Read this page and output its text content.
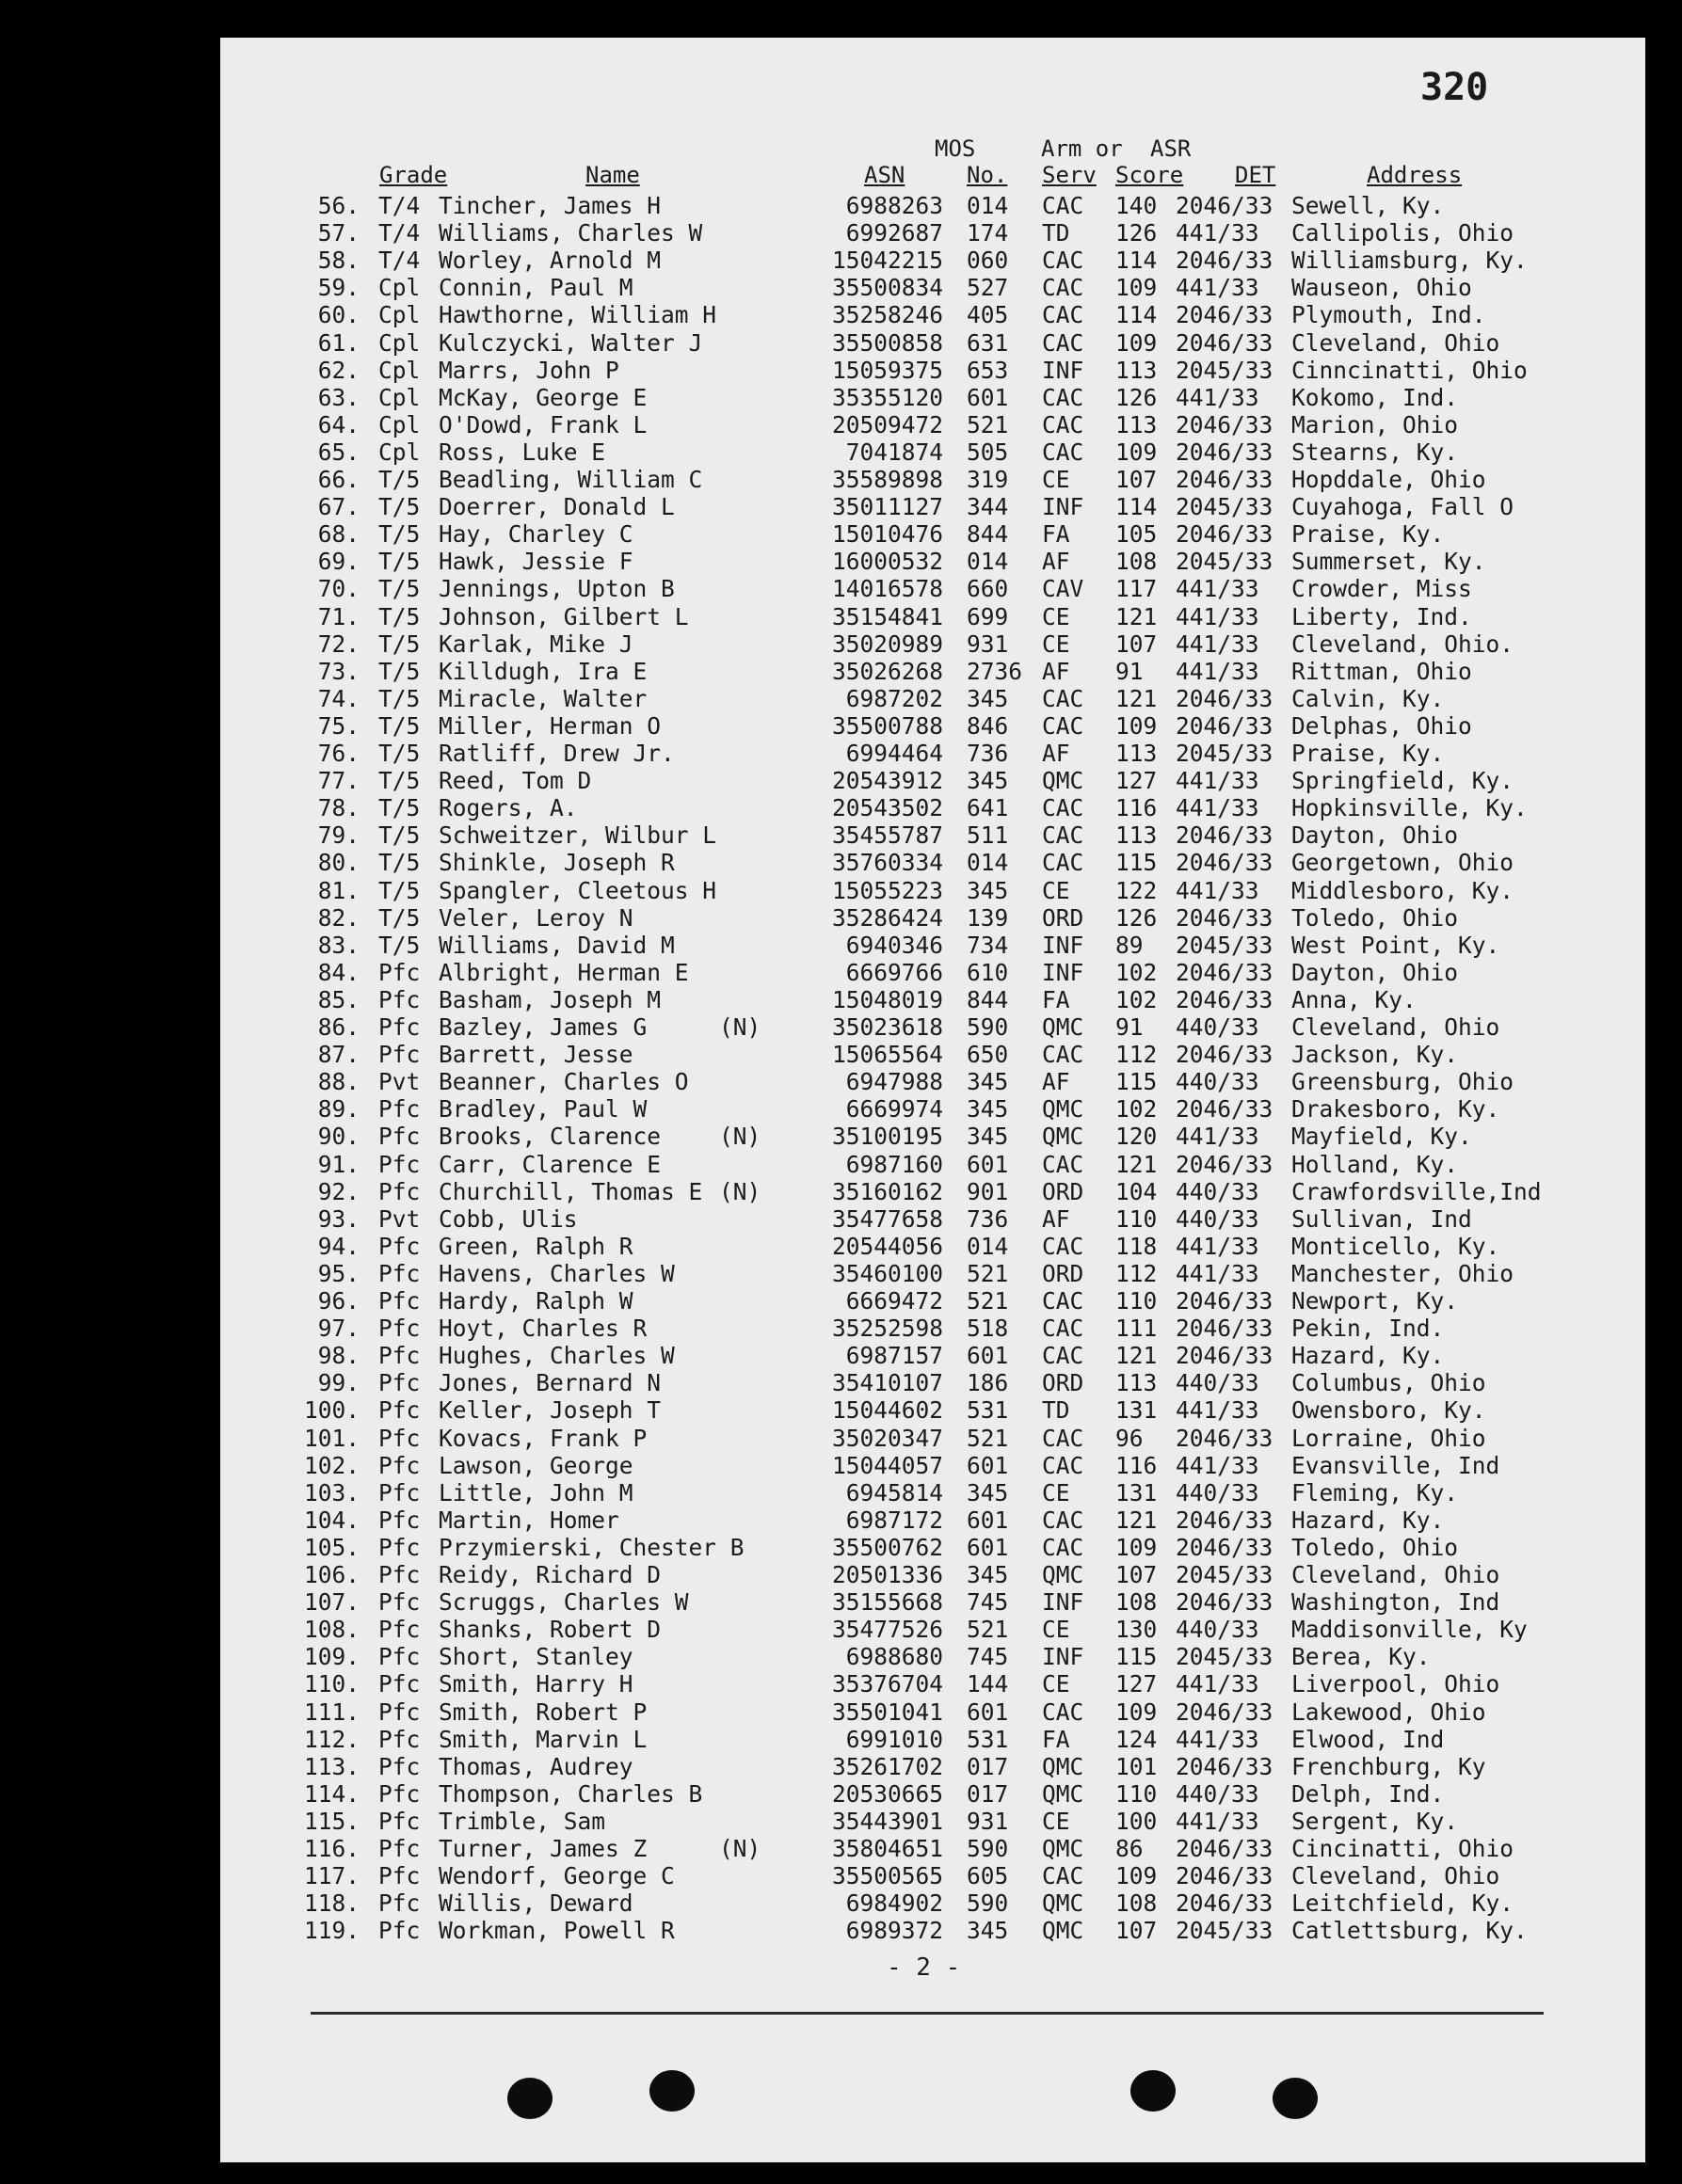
320
MOS	Arm or ASR
Grade	Name	ASN	No. Serv Score DET	Address
56. T/4 Tincher, James H	6988263 014 CAC 140 2046/33 Sewell, Ky.
57. T/4 Williams, Charles W	6992687 174 TD 126 441/33 Callipolis, Ohio
58. T/4 Worley, Arnold M	15042215 060 CAC 114 2046/33 Williamsburg, Ky.
59. Cpl Connin, Paul M	35500834 527 CAC 109 441/33 Wauseon, Ohio
60. Cpl Hawthorne, William H	35258246 405 CAC 114 2046/33 Plymouth, Ind.
61. Cpl Kulczycki, Walter J	35500858 631 CAC 109 2046/33 Cleveland, Ohio
62. Cpl Marrs, John P	15059375 653 INF 113 2045/33 Cinncinatti, Ohio
63. Cpl McKay, George E	35355120 601 CAC 126 441/33 Kokomo, Ind.
64. Cpl O'Dowd, Frank L	20509472 521 CAC 113 2046/33 Marion, Ohio
65. Cpl Ross, Luke E	7041874 505 CAC 109 2046/33 Stearns, Ky.
66. T/5 Beadling, William C	35589898 319 CE 107 2046/33 Hopddale, Ohio
67. T/5 Doerrer, Donald L	35011127 344 INF 114 2045/33 Cuyahoga, Fall O
68. T/5 Hay, Charley C	15010476 844 FA 105 2046/33 Praise, Ky.
69. T/5 Hawk, Jessie F	16000532 014 AF 108 2045/33 Summerset, Ky.
70. T/5 Jennings, Upton B	14016578 660 CAV 117 441/33 Crowder, Miss
71. T/5 Johnson, Gilbert L	35154841 699 CE 121 441/33 Liberty, Ind.
72. T/5 Karlak, Mike J	35020989 931 CE 107 441/33 Cleveland, Ohio.
73. T/5 Killdugh, Ira E	35026268 2736 AF 91 441/33 Rittman, Ohio
74. T/5 Miracle, Walter	6987202 345 CAC 121 2046/33 Calvin, Ky.
75. T/5 Miller, Herman O	35500788 846 CAC 109 2046/33 Delphas, Ohio
76. T/5 Ratliff, Drew Jr.	6994464 736 AF 113 2045/33 Praise, Ky.
77. T/5 Reed, Tom D	20543912 345 QMC 127 441/33 Springfield, Ky.
78. T/5 Rogers, A.	20543502 641 CAC 116 441/33 Hopkinsville, Ky.
79. T/5 Schweitzer, Wilbur L	35455787 511 CAC 113 2046/33 Dayton, Ohio
80. T/5 Shinkle, Joseph R	35760334 014 CAC 115 2046/33 Georgetown, Ohio
81. T/5 Spangler, Cleetous H	15055223 345 CE 122 441/33 Middlesboro, Ky.
82. T/5 Veler, Leroy N	35286424 139 ORD 126 2046/33 Toledo, Ohio
83. T/5 Williams, David M	6940346 734 INF 89 2045/33 West Point, Ky.
84. Pfc Albright, Herman E	6669766 610 INF 102 2046/33 Dayton, Ohio
85. Pfc Basham, Joseph M	15048019 844 FA 102 2046/33 Anna, Ky.
86. Pfc Bazley, James G	(N)	35023618 590 QMC 91 440/33 Cleveland, Ohio
87. Pfc Barrett, Jesse	15065564 650 CAC 112 2046/33 Jackson, Ky.
88. Pvt Beanner, Charles O	6947988 345 AF 115 440/33 Greensburg, Ohio
89. Pfc Bradley, Paul W	6669974 345 QMC 102 2046/33 Drakesboro, Ky.
90. Pfc Brooks, Clarence	(N)	35100195 345 QMC 120 441/33 Mayfield, Ky.
91. Pfc Carr, Clarence E	6987160 601 CAC 121 2046/33 Holland, Ky.
92. Pfc Churchill, Thomas E (N)	35160162 901 ORD 104 440/33 Crawfordsville,Ind
93. Pvt Cobb, Ulis	35477658 736 AF 110 440/33 Sullivan, Ind
94. Pfc Green, Ralph R	20544056 014 CAC 118 441/33 Monticello, Ky.
95. Pfc Havens, Charles W	35460100 521 ORD 112 441/33 Manchester, Ohio
96. Pfc Hardy, Ralph W	6669472 521 CAC 110 2046/33 Newport, Ky.
97. Pfc Hoyt, Charles R	35252598 518 CAC 111 2046/33 Pekin, Ind.
98. Pfc Hughes, Charles W	6987157 601 CAC 121 2046/33 Hazard, Ky.
99. Pfc Jones, Bernard N	35410107 186 ORD 113 440/33 Columbus, Ohio
100. Pfc Keller, Joseph T	15044602 531 TD 131 441/33 Owensboro, Ky.
101. Pfc Kovacs, Frank P	35020347 521 CAC 96 2046/33 Lorraine, Ohio
102. Pfc Lawson, George	15044057 601 CAC 116 441/33 Evansville, Ind
103. Pfc Little, John M	6945814 345 CE 131 440/33 Fleming, Ky.
104. Pfc Martin, Homer	6987172 601 CAC 121 2046/33 Hazard, Ky.
105. Pfc Przymierski, Chester B	35500762 601 CAC 109 2046/33 Toledo, Ohio
106. Pfc Reidy, Richard D	20501336 345 QMC 107 2045/33 Cleveland, Ohio
107. Pfc Scruggs, Charles W	35155668 745 INF 108 2046/33 Washington, Ind
108. Pfc Shanks, Robert D	35477526 521 CE 130 440/33 Maddisonville, Ky
109. Pfc Short, Stanley	6988680 745 INF 115 2045/33 Berea, Ky.
110. Pfc Smith, Harry H	35376704 144 CE 127 441/33 Liverpool, Ohio
111. Pfc Smith, Robert P	35501041 601 CAC 109 2046/33 Lakewood, Ohio
112. Pfc Smith, Marvin L	6991010 531 FA 124 441/33 Elwood, Ind
113. Pfc Thomas, Audrey	35261702 017 QMC 101 2046/33 Frenchburg, Ky
114. Pfc Thompson, Charles B	20530665 017 QMC 110 440/33 Delph, Ind.
115. Pfc Trimble, Sam	35443901 931 CE 100 441/33 Sergent, Ky.
116. Pfc Turner, James Z	(N)	35804651 590 QMC 86 2046/33 Cincinatti, Ohio
117. Pfc Wendorf, George C	35500565 605 CAC 109 2046/33 Cleveland, Ohio
118. Pfc Willis, Deward	6984902 590 QMC 108 2046/33 Leitchfield, Ky.
119. Pfc Workman, Powell R	6989372 345 QMC 107 2045/33 Catlettsburg, Ky.
- 2 -
